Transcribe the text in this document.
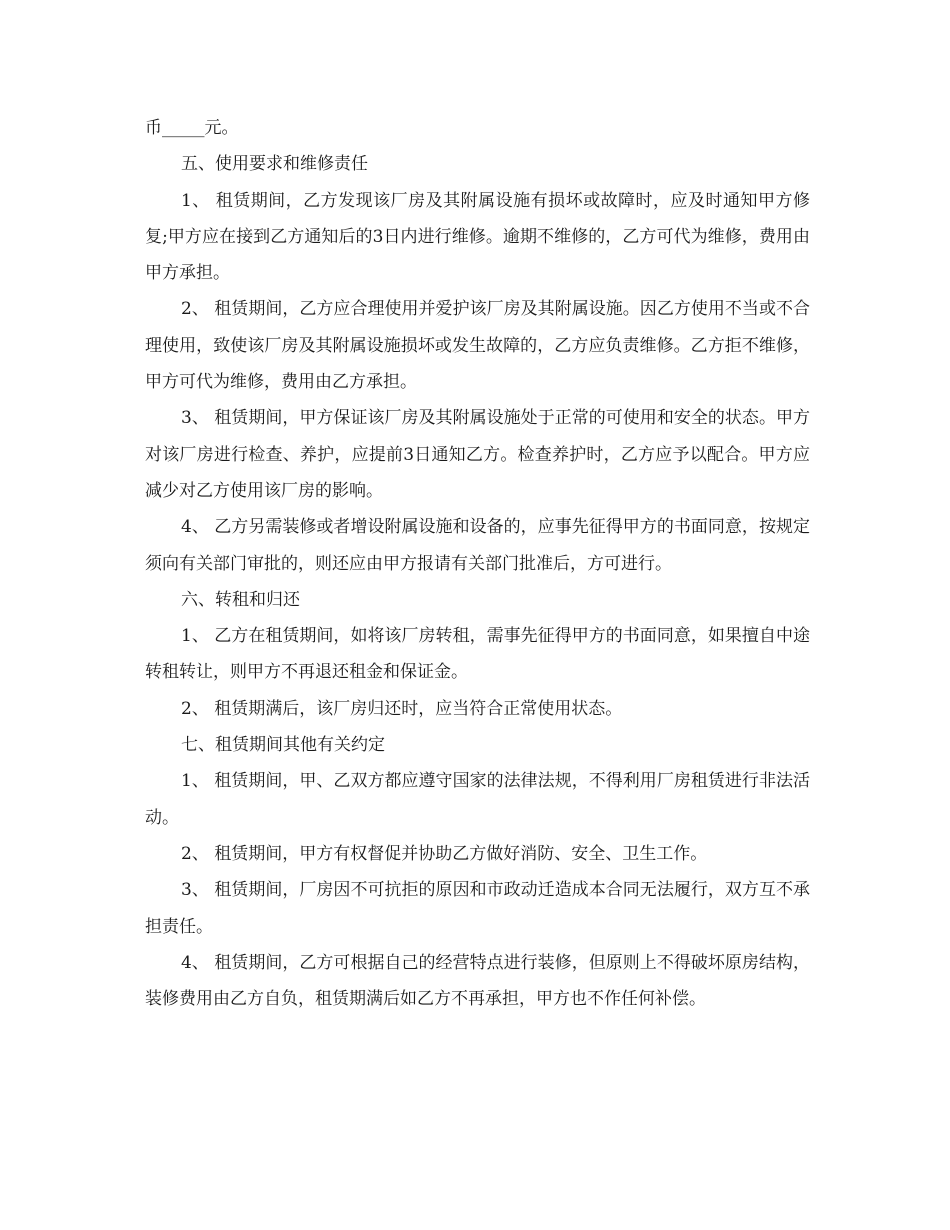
币_____元。

五、使用要求和维修责任

1、 租赁期间，乙方发现该厂房及其附属设施有损坏或故障时，应及时通知甲方修复;甲方应在接到乙方通知后的3日内进行维修。逾期不维修的，乙方可代为维修，费用由甲方承担。

2、 租赁期间，乙方应合理使用并爱护该厂房及其附属设施。因乙方使用不当或不合理使用，致使该厂房及其附属设施损坏或发生故障的，乙方应负责维修。乙方拒不维修，甲方可代为维修，费用由乙方承担。

3、 租赁期间，甲方保证该厂房及其附属设施处于正常的可使用和安全的状态。甲方对该厂房进行检查、养护，应提前3日通知乙方。检查养护时，乙方应予以配合。甲方应减少对乙方使用该厂房的影响。

4、 乙方另需装修或者增设附属设施和设备的，应事先征得甲方的书面同意，按规定须向有关部门审批的，则还应由甲方报请有关部门批准后，方可进行。

六、转租和归还

1、 乙方在租赁期间，如将该厂房转租，需事先征得甲方的书面同意，如果擅自中途转租转让，则甲方不再退还租金和保证金。

2、 租赁期满后，该厂房归还时，应当符合正常使用状态。

七、租赁期间其他有关约定

1、 租赁期间，甲、乙双方都应遵守国家的法律法规，不得利用厂房租赁进行非法活动。

2、 租赁期间，甲方有权督促并协助乙方做好消防、安全、卫生工作。

3、 租赁期间，厂房因不可抗拒的原因和市政动迁造成本合同无法履行，双方互不承担责任。

4、 租赁期间，乙方可根据自己的经营特点进行装修，但原则上不得破坏原房结构，装修费用由乙方自负，租赁期满后如乙方不再承担，甲方也不作任何补偿。
